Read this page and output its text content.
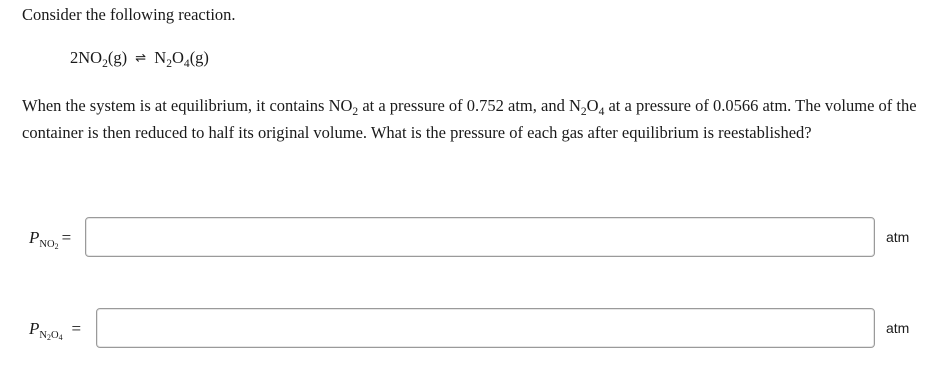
Consider the following reaction.
$2NO_2(g)$ ⇌ $N_2O_4(g)$
When the system is at equilibrium, it contains $NO_2$ at a pressure of 0.752 atm, and $N_2O_4$ at a pressure of 0.0566 atm. The volume of the container is then reduced to half its original volume. What is the pressure of each gas after equilibrium is reestablished?
$P_{NO_2}$ =	atm
$P_{N_2O_4}$ =	atm
